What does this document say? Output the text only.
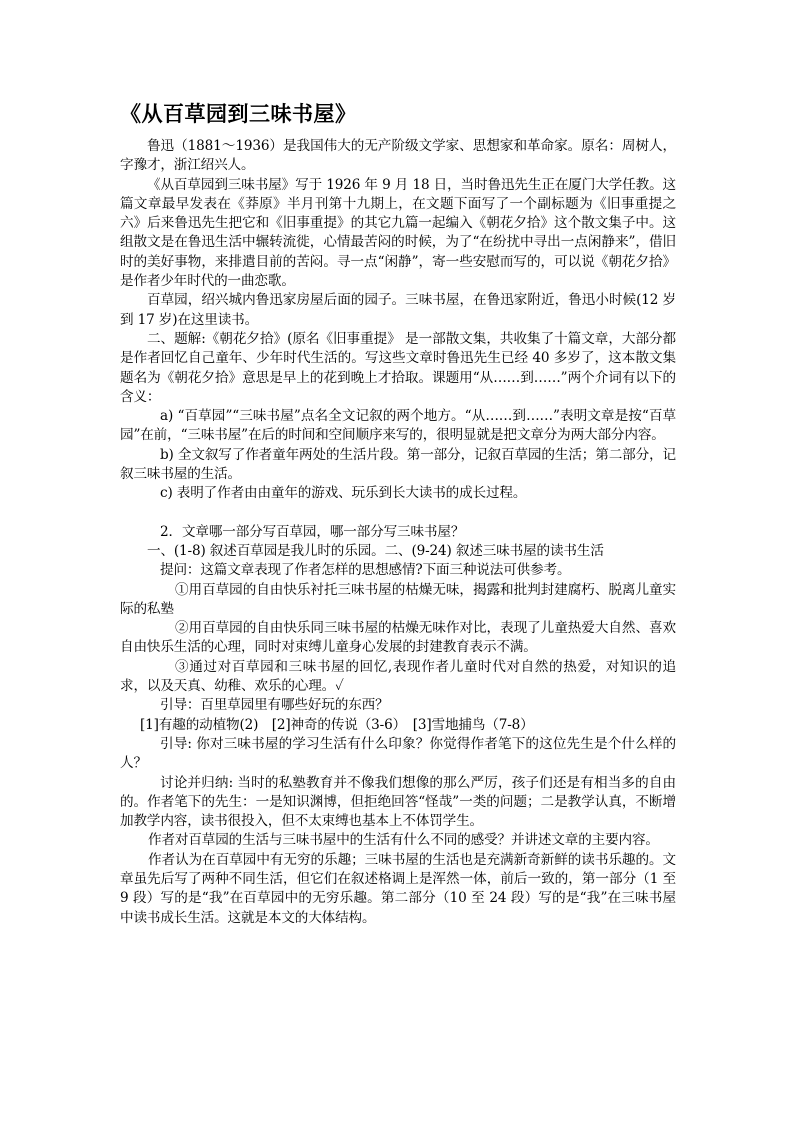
《从百草园到三味书屋》

鲁迅（1881～1936）是我国伟大的无产阶级文学家、思想家和革命家。原名：周树人，字豫才，浙江绍兴人。

《从百草园到三味书屋》写于 1926 年 9 月 18 日，当时鲁迅先生正在厦门大学任教。这篇文章最早发表在《莽原》半月刊第十九期上，在文题下面写了一个副标题为《旧事重提之六》后来鲁迅先生把它和《旧事重提》的其它九篇一起编入《朝花夕拾》这个散文集子中。这组散文是在鲁迅生活中辗转流徙，心情最苦闷的时候，为了“在纷扰中寻出一点闲静来”，借旧时的美好事物，来排遣目前的苦闷。寻一点“闲静”，寄一些安慰而写的，可以说《朝花夕拾》是作者少年时代的一曲恋歌。

百草园，绍兴城内鲁迅家房屋后面的园子。三味书屋，在鲁迅家附近，鲁迅小时候(12 岁到 17 岁)在这里读书。

二、题解:《朝花夕拾》(原名《旧事重提》 是一部散文集，共收集了十篇文章，大部分都是作者回忆自己童年、少年时代生活的。写这些文章时鲁迅先生已经 40 多岁了，这本散文集题名为《朝花夕拾》意思是早上的花到晚上才拾取。课题用“从……到……”两个介词有以下的含义：

a) “百草园”“三味书屋”点名全文记叙的两个地方。“从……到……”表明文章是按“百草园”在前，“三味书屋”在后的时间和空间顺序来写的，很明显就是把文章分为两大部分内容。

b) 全文叙写了作者童年两处的生活片段。第一部分，记叙百草园的生活；第二部分，记叙三味书屋的生活。

c) 表明了作者由由童年的游戏、玩乐到长大读书的成长过程。

2．文章哪一部分写百草园，哪一部分写三味书屋？

一、(1-8) 叙述百草园是我儿时的乐园。二、(9-24) 叙述三味书屋的读书生活

提问：这篇文章表现了作者怎样的思想感情?下面三种说法可供参考。

①用百草园的自由快乐衬托三味书屋的枯燥无味，揭露和批判封建腐朽、脱离儿童实际的私塾

②用百草园的自由快乐同三味书屋的枯燥无味作对比，表现了儿童热爱大自然、喜欢自由快乐生活的心理，同时对束缚儿童身心发展的封建教育表示不满。

③通过对百草园和三味书屋的回忆,表现作者儿童时代对自然的热爱，对知识的追求，以及天真、幼稚、欢乐的心理。✓

引导：百里草园里有哪些好玩的东西？

[1]有趣的动植物(2)　[2]神奇的传说（3-6）　[3]雪地捕鸟（7-8）

引导: 你对三味书屋的学习生活有什么印象？你觉得作者笔下的这位先生是个什么样的人？

讨论并归纳: 当时的私塾教育并不像我们想像的那么严厉，孩子们还是有相当多的自由的。作者笔下的先生：一是知识渊博，但拒绝回答“怪哉”一类的问题；二是教学认真，不断增加教学内容，读书很投入，但不太束缚也基本上不体罚学生。

作者对百草园的生活与三味书屋中的生活有什么不同的感受？并讲述文章的主要内容。

作者认为在百草园中有无穷的乐趣；三味书屋的生活也是充满新奇新鲜的读书乐趣的。文章虽先后写了两种不同生活，但它们在叙述格调上是浑然一体，前后一致的，第一部分（1 至 9 段）写的是“我”在百草园中的无穷乐趣。第二部分（10 至 24 段）写的是“我”在三味书屋中读书成长生活。这就是本文的大体结构。
